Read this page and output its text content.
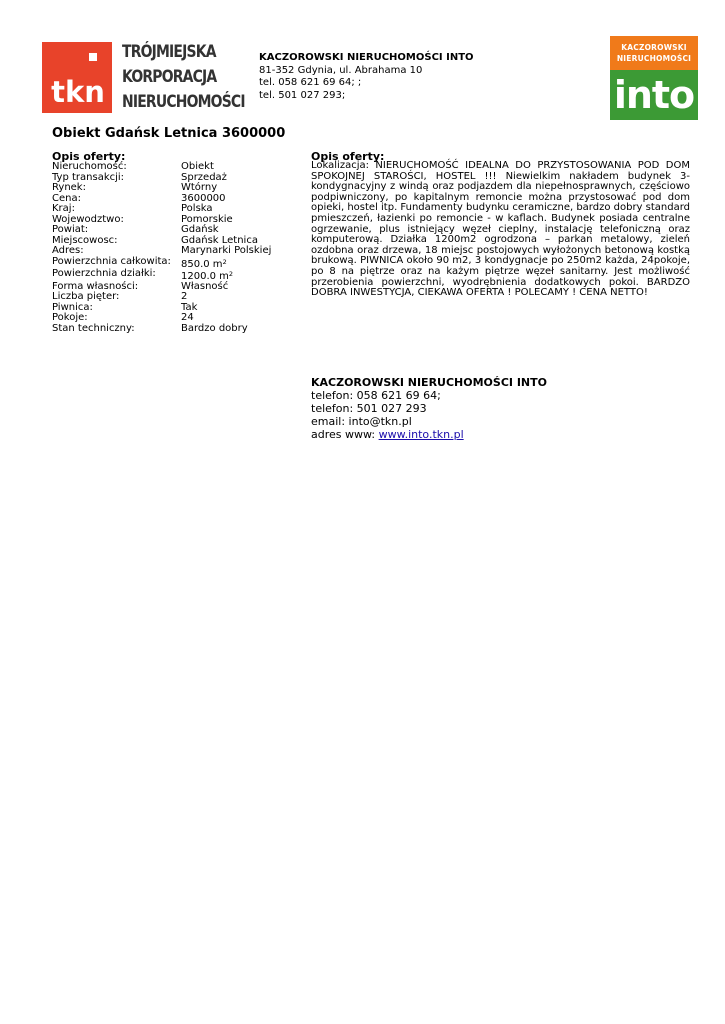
tkn
TRÓJMIEJSKA
KORPORACJA
NIERUCHOMOŚCI
KACZOROWSKI NIERUCHOMOŚCI INTO
81-352 Gdynia, ul. Abrahama 10
tel. 058 621 69 64; ;
tel. 501 027 293;
KACZOROWSKI
NIERUCHOMOŚCI
into
Obiekt Gdańsk Letnica 3600000
Opis oferty:
Nieruchomość:	Obiekt
Typ transakcji:	Sprzedaż
Rynek:	Wtórny
Cena:	3600000
Kraj:	Polska
Wojewodztwo:	Pomorskie
Powiat:	Gdańsk
Miejscowosc:	Gdańsk Letnica
Adres:	Marynarki Polskiej
Powierzchnia całkowita:	850.0 $m^2$
Powierzchnia działki:	1200.0 $m^2$
Forma własności:	Własność
Liczba pięter:	2
Piwnica:	Tak
Pokoje:	24
Stan techniczny:	Bardzo dobry
Opis oferty:
Lokalizacja: NIERUCHOMOŚĆ IDEALNA DO PRZYSTOSOWANIA POD DOM SPOKOJNEJ STAROŚCI, HOSTEL !!! Niewielkim nakładem budynek 3-kondygnacyjny z windą oraz podjazdem dla niepełnosprawnych, częściowo podpiwniczony, po kapitalnym remoncie można przystosować pod dom opieki, hostel itp. Fundamenty budynku ceramiczne, bardzo dobry standard pmieszczeń, łazienki po remoncie - w kaflach. Budynek posiada centralne ogrzewanie, plus istniejący węzeł cieplny, instalację telefoniczną oraz komputerową. Działka 1200m2 ogrodzona – parkan metalowy, zieleń ozdobna oraz drzewa, 18 miejsc postojowych wyłożonych betonową kostką brukową. PIWNICA około 90 m2, 3 kondygnacje po 250m2 każda, 24pokoje, po 8 na piętrze oraz na każym piętrze węzeł sanitarny. Jest możliwość przerobienia powierzchni, wyodrębnienia dodatkowych pokoi. BARDZO DOBRA INWESTYCJA, CIEKAWA OFERTA ! POLECAMY ! CENA NETTO!
KACZOROWSKI NIERUCHOMOŚCI INTO
telefon: 058 621 69 64;
telefon: 501 027 293
email: into@tkn.pl
adres www: www.into.tkn.pl
